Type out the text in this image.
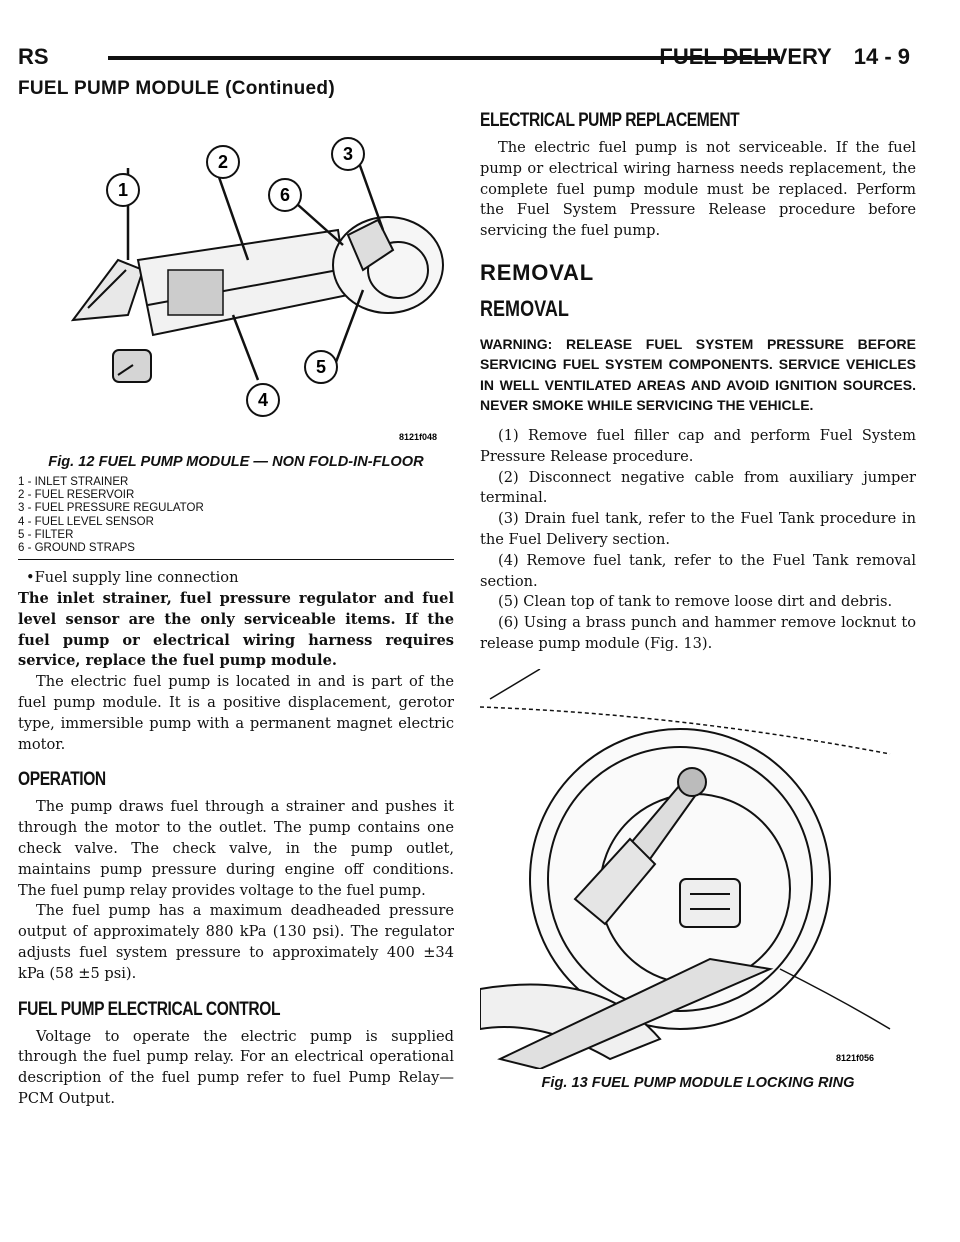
RS	FUEL DELIVERY 14 - 9
FUEL PUMP MODULE (Continued)
1
2	3
4
5
6
8121f048
Fig. 12 FUEL PUMP MODULE — NON FOLD-IN-FLOOR
1 - INLET STRAINER
2 - FUEL RESERVOIR
3 - FUEL PRESSURE REGULATOR
4 - FUEL LEVEL SENSOR
5 - FILTER
6 - GROUND STRAPS

•Fuel supply line connection

The inlet strainer, fuel pressure regulator and fuel level sensor are the only serviceable items. If the fuel pump or electrical wiring harness requires service, replace the fuel pump module.

The electric fuel pump is located in and is part of the fuel pump module. It is a positive displacement, gerotor type, immersible pump with a permanent magnet electric motor.

OPERATION

The pump draws fuel through a strainer and pushes it through the motor to the outlet. The pump contains one check valve. The check valve, in the pump outlet, maintains pump pressure during engine off conditions. The fuel pump relay provides voltage to the fuel pump.

The fuel pump has a maximum deadheaded pressure output of approximately 880 kPa (130 psi). The regulator adjusts fuel system pressure to approximately 400 ±34 kPa (58 ±5 psi).

FUEL PUMP ELECTRICAL CONTROL

Voltage to operate the electric pump is supplied through the fuel pump relay. For an electrical operational description of the fuel pump refer to fuel Pump Relay—PCM Output.

ELECTRICAL PUMP REPLACEMENT

The electric fuel pump is not serviceable. If the fuel pump or electrical wiring harness needs replacement, the complete fuel pump module must be replaced. Perform the Fuel System Pressure Release procedure before servicing the fuel pump.

REMOVAL
REMOVAL
WARNING: RELEASE FUEL SYSTEM PRESSURE BEFORE SERVICING FUEL SYSTEM COMPONENTS. SERVICE VEHICLES IN WELL VENTILATED AREAS AND AVOID IGNITION SOURCES. NEVER SMOKE WHILE SERVICING THE VEHICLE.

(1) Remove fuel filler cap and perform Fuel System Pressure Release procedure.

(2) Disconnect negative cable from auxiliary jumper terminal.

(3) Drain fuel tank, refer to the Fuel Tank procedure in the Fuel Delivery section.

(4) Remove fuel tank, refer to the Fuel Tank removal section.

(5) Clean top of tank to remove loose dirt and debris.

(6) Using a brass punch and hammer remove locknut to release pump module (Fig. 13).

8121f056
Fig. 13 FUEL PUMP MODULE LOCKING RING
